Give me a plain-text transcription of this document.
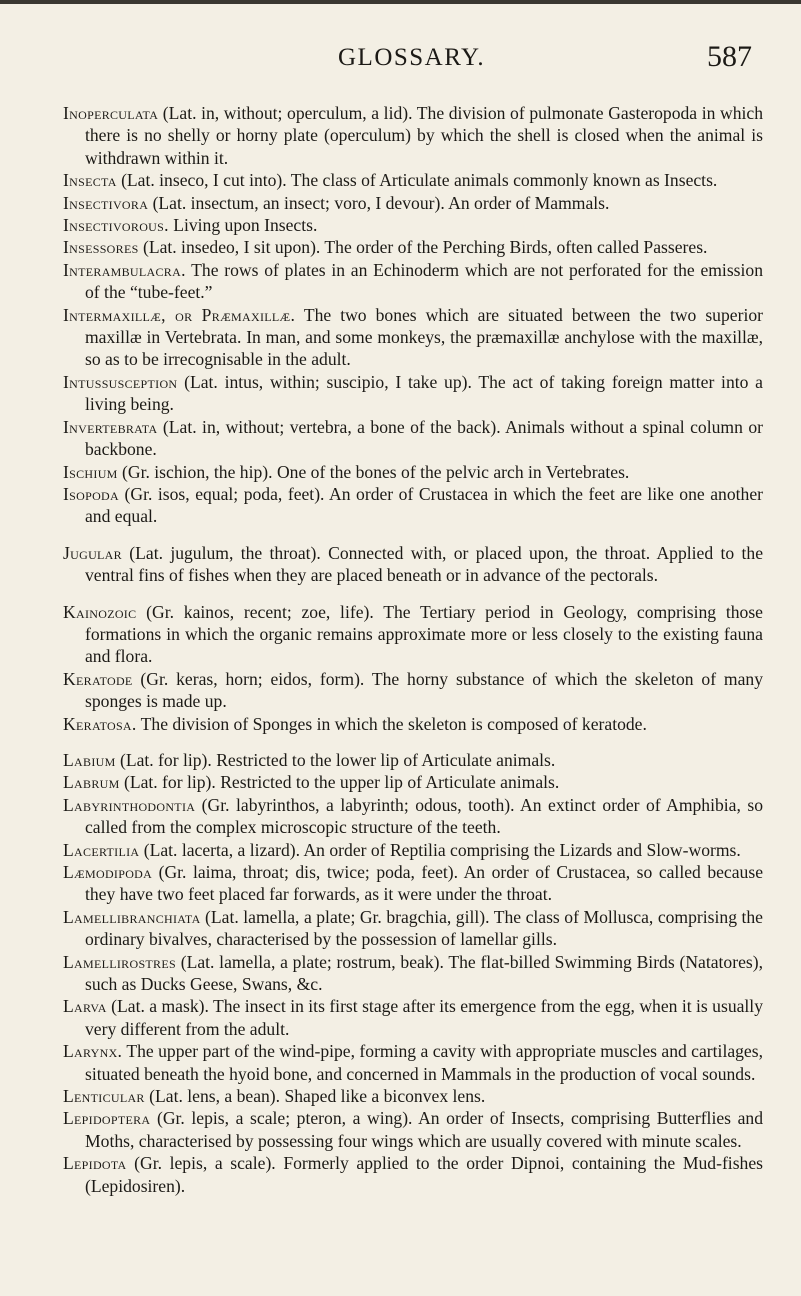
GLOSSARY.	587

Inoperculata (Lat. in, without; operculum, a lid). The division of pulmonate Gasteropoda in which there is no shelly or horny plate (operculum) by which the shell is closed when the animal is withdrawn within it.

Insecta (Lat. inseco, I cut into). The class of Articulate animals commonly known as Insects.

Insectivora (Lat. insectum, an insect; voro, I devour). An order of Mammals.

Insectivorous. Living upon Insects.

Insessores (Lat. insedeo, I sit upon). The order of the Perching Birds, often called Passeres.

Interambulacra. The rows of plates in an Echinoderm which are not perforated for the emission of the “tube-feet.”

Intermaxillæ, or Præmaxillæ. The two bones which are situated between the two superior maxillæ in Vertebrata. In man, and some monkeys, the præmaxillæ anchylose with the maxillæ, so as to be irrecognisable in the adult.

Intussusception (Lat. intus, within; suscipio, I take up). The act of taking foreign matter into a living being.

Invertebrata (Lat. in, without; vertebra, a bone of the back). Animals without a spinal column or backbone.

Ischium (Gr. ischion, the hip). One of the bones of the pelvic arch in Vertebrates.

Isopoda (Gr. isos, equal; poda, feet). An order of Crustacea in which the feet are like one another and equal.

Jugular (Lat. jugulum, the throat). Connected with, or placed upon, the throat. Applied to the ventral fins of fishes when they are placed beneath or in advance of the pectorals.

Kainozoic (Gr. kainos, recent; zoe, life). The Tertiary period in Geology, comprising those formations in which the organic remains approximate more or less closely to the existing fauna and flora.

Keratode (Gr. keras, horn; eidos, form). The horny substance of which the skeleton of many sponges is made up.

Keratosa. The division of Sponges in which the skeleton is composed of keratode.

Labium (Lat. for lip). Restricted to the lower lip of Articulate animals.

Labrum (Lat. for lip). Restricted to the upper lip of Articulate animals.

Labyrinthodontia (Gr. labyrinthos, a labyrinth; odous, tooth). An extinct order of Amphibia, so called from the complex microscopic structure of the teeth.

Lacertilia (Lat. lacerta, a lizard). An order of Reptilia comprising the Lizards and Slow-worms.

Læmodipoda (Gr. laima, throat; dis, twice; poda, feet). An order of Crustacea, so called because they have two feet placed far forwards, as it were under the throat.

Lamellibranchiata (Lat. lamella, a plate; Gr. bragchia, gill). The class of Mollusca, comprising the ordinary bivalves, characterised by the possession of lamellar gills.

Lamellirostres (Lat. lamella, a plate; rostrum, beak). The flat-billed Swimming Birds (Natatores), such as Ducks Geese, Swans, &c.

Larva (Lat. a mask). The insect in its first stage after its emergence from the egg, when it is usually very different from the adult.

Larynx. The upper part of the wind-pipe, forming a cavity with appropriate muscles and cartilages, situated beneath the hyoid bone, and concerned in Mammals in the production of vocal sounds.

Lenticular (Lat. lens, a bean). Shaped like a biconvex lens.

Lepidoptera (Gr. lepis, a scale; pteron, a wing). An order of Insects, comprising Butterflies and Moths, characterised by possessing four wings which are usually covered with minute scales.

Lepidota (Gr. lepis, a scale). Formerly applied to the order Dipnoi, containing the Mud-fishes (Lepidosiren).
